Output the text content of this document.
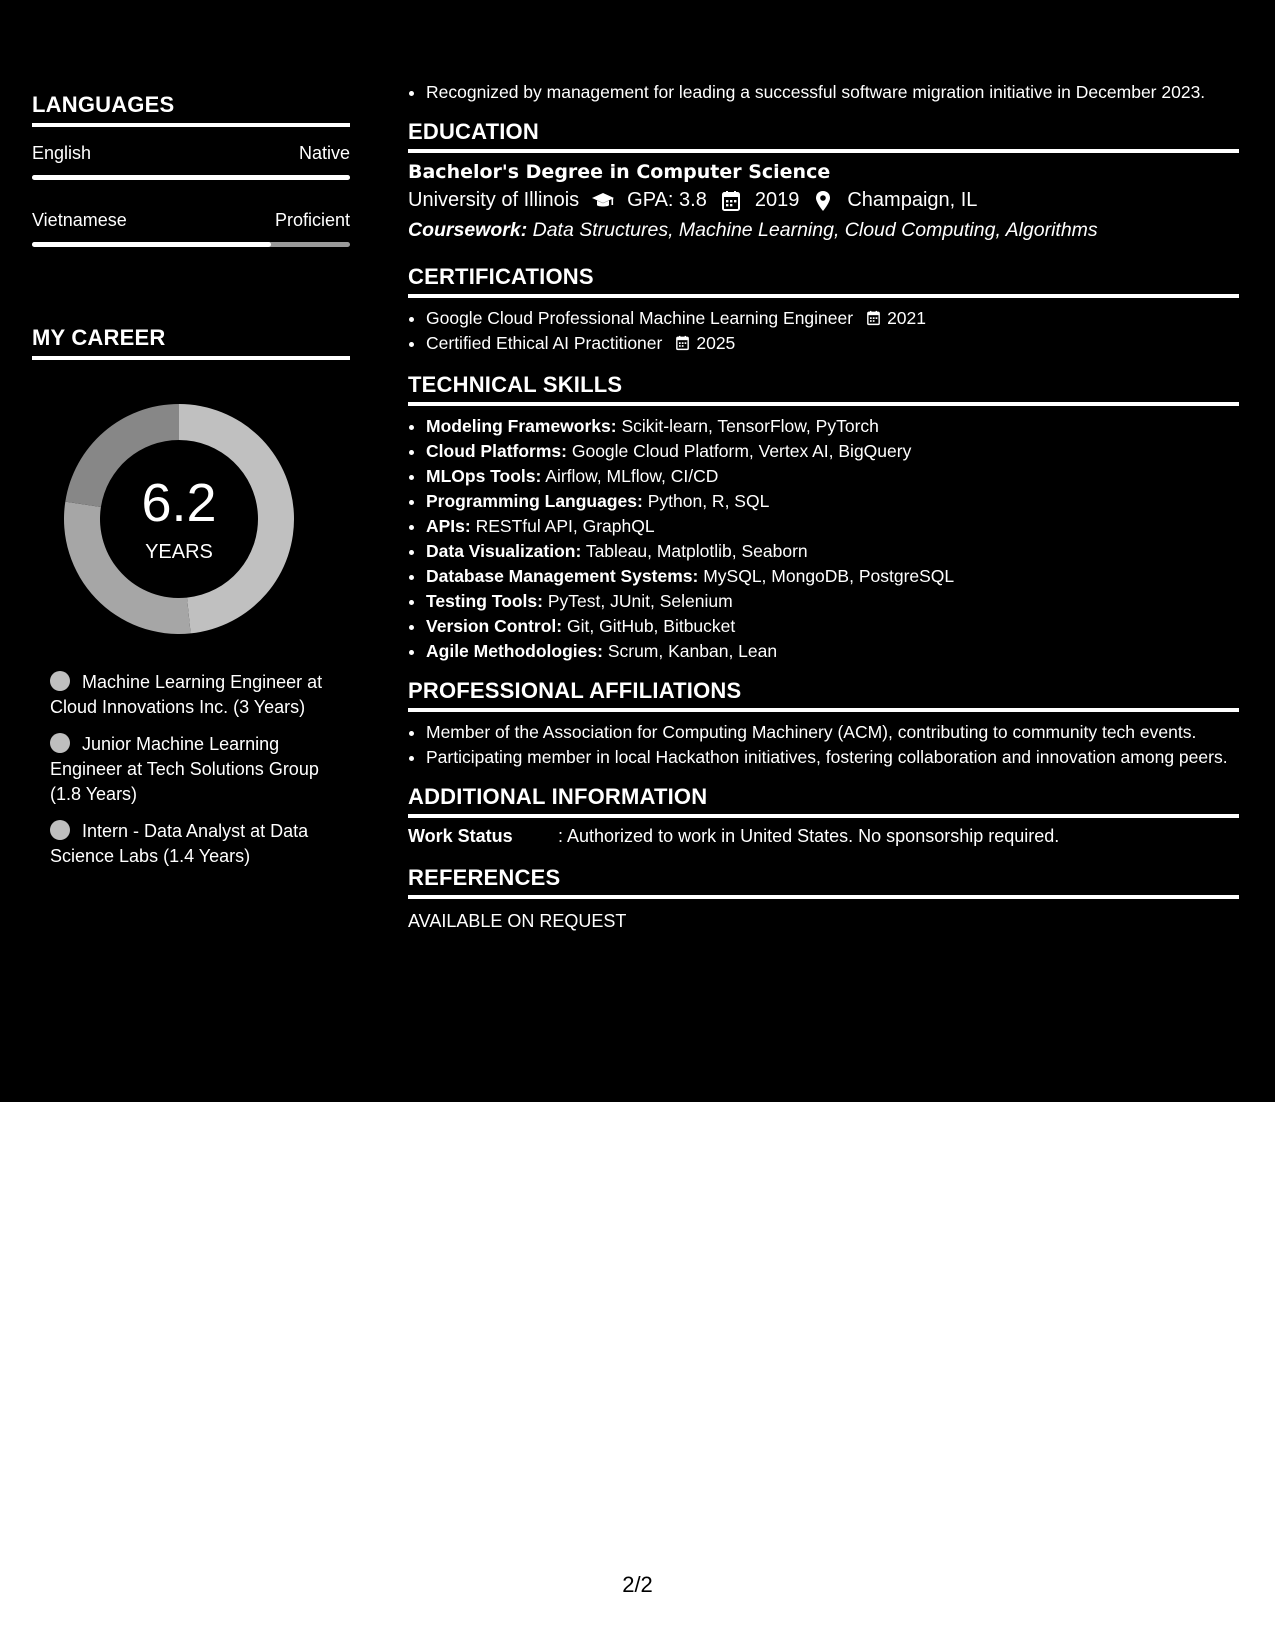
LANGUAGES
English	Native
Vietnamese	Proficient
MY CAREER
6.2
YEARS
Machine Learning Engineer at Cloud Innovations Inc. (3 Years)
Junior Machine Learning Engineer at Tech Solutions Group (1.8 Years)
Intern - Data Analyst at Data Science Labs (1.4 Years)
• Recognized by management for leading a successful software migration initiative in December 2023.
EDUCATION
Bachelor's Degree in Computer Science
University of Illinois GPA: 3.8 2019 Champaign, IL
Coursework: Data Structures, Machine Learning, Cloud Computing, Algorithms
CERTIFICATIONS
• Google Cloud Professional Machine Learning Engineer 2021
• Certified Ethical AI Practitioner 2025
TECHNICAL SKILLS
• Modeling Frameworks: Scikit-learn, TensorFlow, PyTorch
• Cloud Platforms: Google Cloud Platform, Vertex AI, BigQuery
• MLOps Tools: Airflow, MLflow, CI/CD
• Programming Languages: Python, R, SQL
• APIs: RESTful API, GraphQL
• Data Visualization: Tableau, Matplotlib, Seaborn
• Database Management Systems: MySQL, MongoDB, PostgreSQL
• Testing Tools: PyTest, JUnit, Selenium
• Version Control: Git, GitHub, Bitbucket
• Agile Methodologies: Scrum, Kanban, Lean
PROFESSIONAL AFFILIATIONS
• Member of the Association for Computing Machinery (ACM), contributing to community tech events.
• Participating member in local Hackathon initiatives, fostering collaboration and innovation among peers.
ADDITIONAL INFORMATION
Work Status	: Authorized to work in United States. No sponsorship required.
REFERENCES
AVAILABLE ON REQUEST
2/2
